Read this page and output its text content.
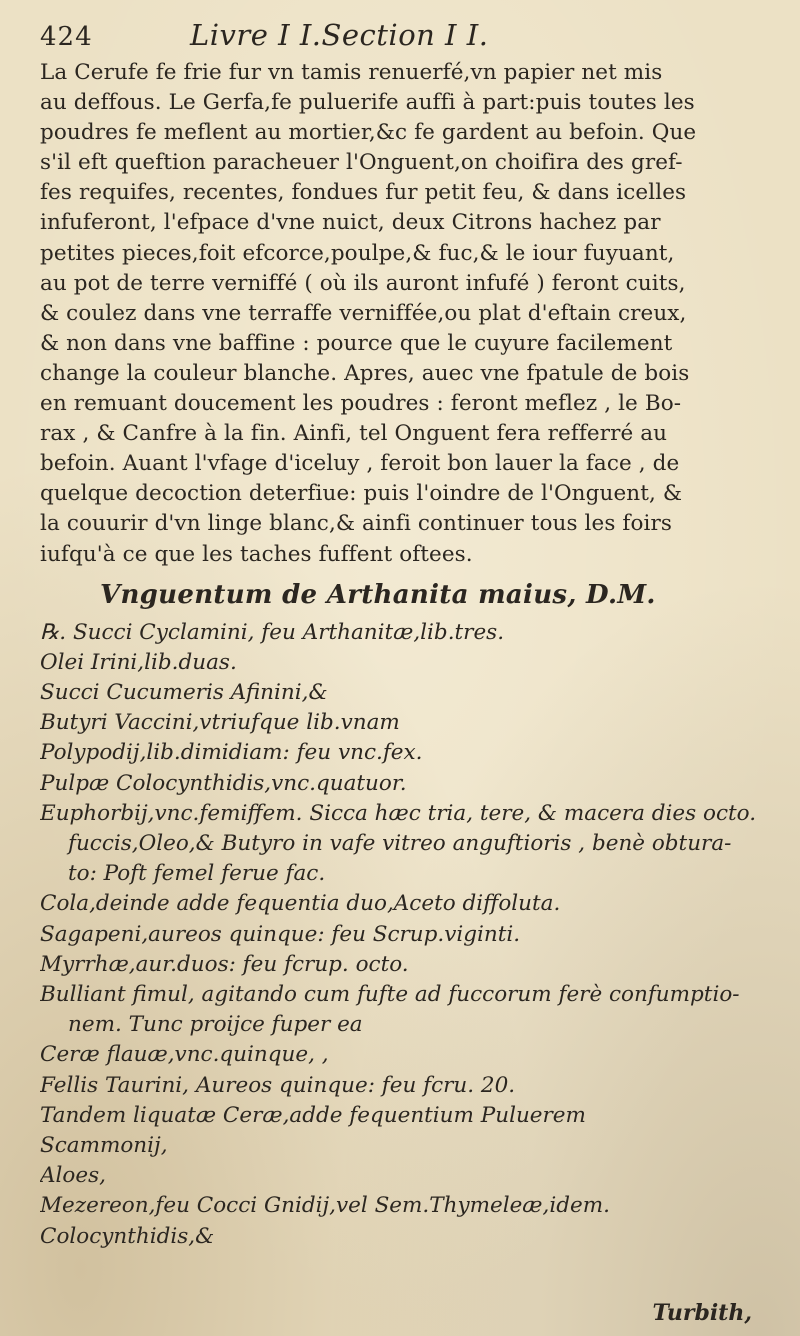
424	Livre I I.Section I I.

La Cerufe fe frie fur vn tamis renuerfé,vn papier net mis
au deffous. Le Gerfa,fe puluerife auffi à part:puis toutes les
poudres fe meflent au mortier,&c fe gardent au befoin. Que
s'il eft queftion paracheuer l'Onguent,on choifira des gref-
fes requifes, recentes, fondues fur petit feu, & dans icelles
infuferont, l'efpace d'vne nuict, deux Citrons hachez par
petites pieces,foit efcorce,poulpe,& fuc,& le iour fuyuant,
au pot de terre verniffé ( où ils auront infufé ) feront cuits,
& coulez dans vne terraffe verniffée,ou plat d'eftain creux,
& non dans vne baffine : pource que le cuyure facilement
change la couleur blanche. Apres, auec vne fpatule de bois
en remuant doucement les poudres : feront meflez , le Bo-
rax , & Canfre à la fin. Ainfi, tel Onguent fera refferré au
befoin. Auant l'vfage d'iceluy , feroit bon lauer la face , de
quelque decoction deterfiue: puis l'oindre de l'Onguent, &
la couurir d'vn linge blanc,& ainfi continuer tous les foirs
iufqu'à ce que les taches fuffent oftees.

Vnguentum de Arthanita maius, D.M.
℞. Succi Cyclamini, feu Arthanitæ,lib.tres.
Olei Irini,lib.duas.
Succi Cucumeris Afinini,&
Butyri Vaccini,vtriufque lib.vnam
Polypodij,lib.dimidiam: feu vnc.fex.
Pulpæ Colocynthidis,vnc.quatuor.
Euphorbij,vnc.femiffem. Sicca hæc tria, tere, & macera dies octo.
fuccis,Oleo,& Butyro in vafe vitreo anguftioris , benè obtura-
to: Poft femel ferue fac.
Cola,deinde adde fequentia duo,Aceto diffoluta.
Sagapeni,aureos quinque: feu Scrup.viginti.
Myrrhæ,aur.duos: feu fcrup. octo.
Bulliant fimul, agitando cum fufte ad fuccorum ferè confumptio-
nem. Tunc proijce fuper ea
Ceræ flauæ,vnc.quinque, ,
Fellis Taurini, Aureos quinque: feu fcru. 20.
Tandem liquatæ Ceræ,adde fequentium Puluerem
Scammonij,
Aloes,
Mezereon,feu Cocci Gnidij,vel Sem.Thymeleæ,idem.
Colocynthidis,&
Turbith,
